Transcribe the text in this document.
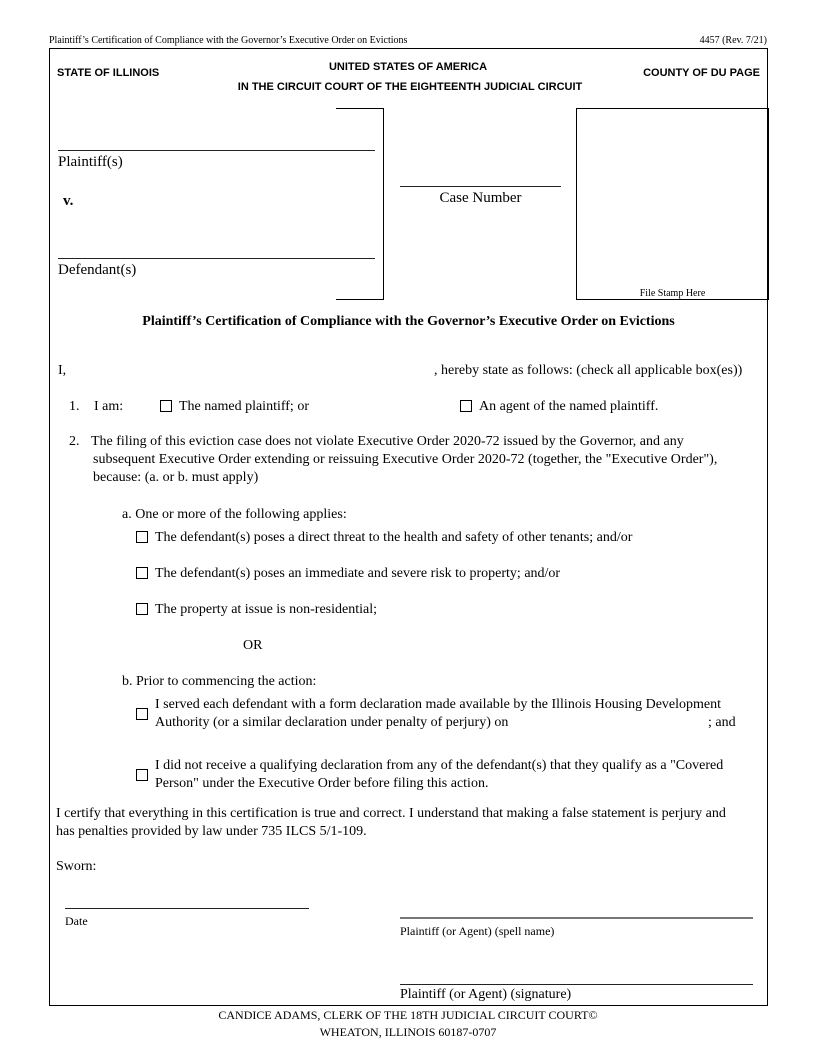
Plaintiff’s Certification of Compliance with the Governor’s Executive Order on Evictions	4457 (Rev. 7/21)
STATE OF ILLINOIS	UNITED STATES OF AMERICA
IN THE CIRCUIT COURT OF THE EIGHTEENTH JUDICIAL CIRCUIT
COUNTY OF DU PAGE
Plaintiff(s)
v.
Defendant(s)
Case Number
File Stamp Here
Plaintiff’s Certification of Compliance with the Governor’s Executive Order on Evictions
I,	, hereby state as follows: (check all applicable box(es))
1. I am:	The named plaintiff; or	An agent of the named plaintiff.
2. The filing of this eviction case does not violate Executive Order 2020-72 issued by the Governor, and any
subsequent Executive Order extending or reissuing Executive Order 2020-72 (together, the "Executive Order"),
because: (a. or b. must apply)
a. One or more of the following applies:
The defendant(s) poses a direct threat to the health and safety of other tenants; and/or
The defendant(s) poses an immediate and severe risk to property; and/or
The property at issue is non-residential;
OR
b. Prior to commencing the action:
I served each defendant with a form declaration made available by the Illinois Housing Development
Authority (or a similar declaration under penalty of perjury) on	; and
I did not receive a qualifying declaration from any of the defendant(s) that they qualify as a "Covered
Person" under the Executive Order before filing this action.
I certify that everything in this certification is true and correct. I understand that making a false statement is perjury and
has penalties provided by law under 735 ILCS 5/1-109.
Sworn:
Date
Plaintiff (or Agent) (spell name)
Plaintiff (or Agent) (signature)
CANDICE ADAMS, CLERK OF THE 18TH JUDICIAL CIRCUIT COURT©
WHEATON, ILLINOIS 60187-0707
